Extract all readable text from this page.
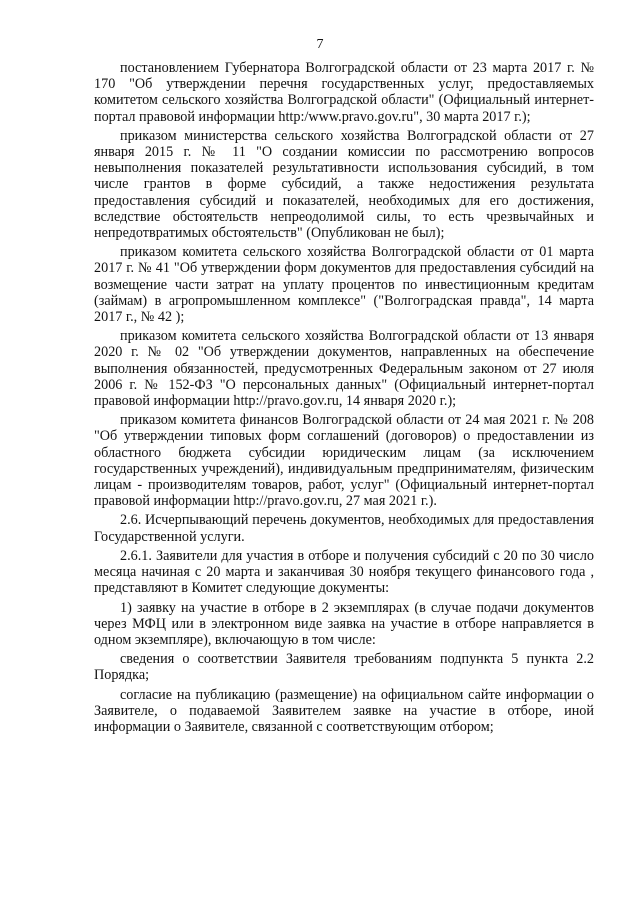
7

постановлением Губернатора Волгоградской области от 23 марта 2017 г. № 170 "Об утверждении перечня государственных услуг, предоставляемых комитетом сельского хозяйства Волгоградской области" (Официальный интернет-портал правовой информации http:/www.pravo.gov.ru", 30 марта 2017 г.);

приказом министерства сельского хозяйства Волгоградской области от 27 января 2015 г. № 11 "О создании комиссии по рассмотрению вопросов невыполнения показателей результативности использования субсидий, в том числе грантов в форме субсидий, а также недостижения результата предоставления субсидий и показателей, необходимых для его достижения, вследствие обстоятельств непреодолимой силы, то есть чрезвычайных и непредотвратимых обстоятельств" (Опубликован не был);

приказом комитета сельского хозяйства Волгоградской области от 01 марта 2017 г. № 41 "Об утверждении форм документов для предоставления субсидий на возмещение части затрат на уплату процентов по инвестиционным кредитам (займам) в агропромышленном комплексе" ("Волгоградская правда", 14 марта 2017 г., № 42 );

приказом комитета сельского хозяйства Волгоградской области от 13 января 2020 г. № 02 "Об утверждении документов, направленных на обеспечение выполнения обязанностей, предусмотренных Федеральным законом от 27 июля 2006 г. № 152-ФЗ "О персональных данных" (Официальный интернет-портал правовой информации http://pravo.gov.ru, 14 января 2020 г.);

приказом комитета финансов Волгоградской области от 24 мая 2021 г. № 208 "Об утверждении типовых форм соглашений (договоров) о предоставлении из областного бюджета субсидии юридическим лицам (за исключением государственных учреждений), индивидуальным предпринимателям, физическим лицам - производителям товаров, работ, услуг" (Официальный интернет-портал правовой информации http://pravo.gov.ru, 27 мая 2021 г.).

2.6. Исчерпывающий перечень документов, необходимых для предоставления Государственной услуги.

2.6.1. Заявители для участия в отборе и получения субсидий с 20 по 30 число месяца начиная с 20 марта и заканчивая 30 ноября текущего финансового года , представляют в Комитет следующие документы:

1) заявку на участие в отборе в 2 экземплярах (в случае подачи документов через МФЦ или в электронном виде заявка на участие в отборе направляется в одном экземпляре), включающую в том числе:

сведения о соответствии Заявителя требованиям подпункта 5 пункта 2.2 Порядка;

согласие на публикацию (размещение) на официальном сайте информации о Заявителе, о подаваемой Заявителем заявке на участие в отборе, иной информации о Заявителе, связанной с соответствующим отбором;
